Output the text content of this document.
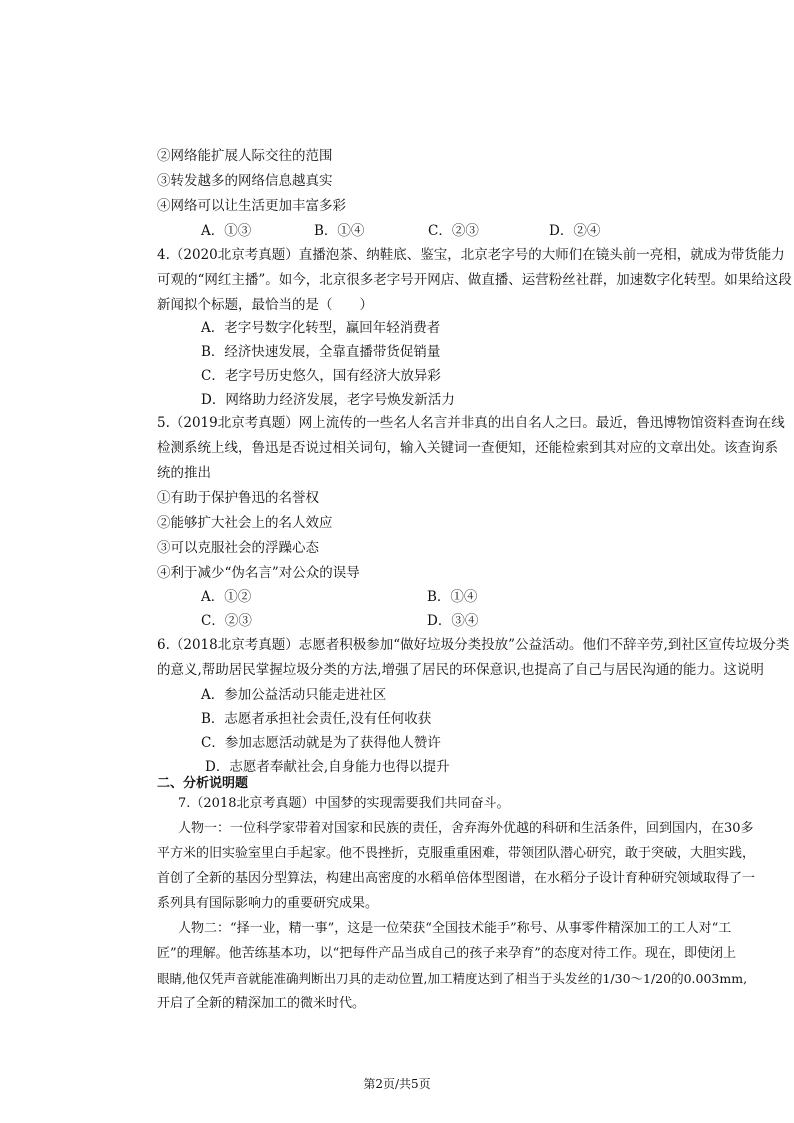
②网络能扩展人际交往的范围
③转发越多的网络信息越真实
④网络可以让生活更加丰富多彩
A．①③	B．①④	C．②③	D．②④
4.（2020北京考真题）直播泡茶、纳鞋底、鉴宝，北京老字号的大师们在镜头前一亮相，就成为带货能力
可观的“网红主播”。如今，北京很多老字号开网店、做直播、运营粉丝社群，加速数字化转型。如果给这段
新闻拟个标题，最恰当的是（　　）
A．老字号数字化转型，赢回年轻消费者
B．经济快速发展，全靠直播带货促销量
C．老字号历史悠久，国有经济大放异彩
D．网络助力经济发展，老字号焕发新活力
5.（2019北京考真题）网上流传的一些名人名言并非真的出自名人之曰。最近，鲁迅博物馆资料查询在线
检测系统上线，鲁迅是否说过相关词句，输入关键词一查便知，还能检索到其对应的文章出处。该查询系
统的推出
①有助于保护鲁迅的名誉权
②能够扩大社会上的名人效应
③可以克服社会的浮躁心态
④利于减少“伪名言”对公众的误导
A．①②	B．①④
C．②③	D．③④
6.（2018北京考真题）志愿者积极参加“做好垃圾分类投放”公益活动。他们不辞辛劳,到社区宣传垃圾分类
的意义,帮助居民掌握垃圾分类的方法,增强了居民的环保意识,也提高了自己与居民沟通的能力。这说明
A．参加公益活动只能走进社区
B．志愿者承担社会责任,没有任何收获
C．参加志愿活动就是为了获得他人赞许
D．志愿者奉献社会,自身能力也得以提升
二、分析说明题
7.（2018北京考真题）中国梦的实现需要我们共同奋斗。
人物一：一位科学家带着对国家和民族的责任，舍弃海外优越的科研和生活条件，回到国内，在30多
平方米的旧实验室里白手起家。他不畏挫折，克服重重困难，带领团队潜心研究，敢于突破，大胆实践，
首创了全新的基因分型算法，构建出高密度的水稻单倍体型图谱，在水稻分子设计育种研究领域取得了一
系列具有国际影响力的重要研究成果。
人物二：“择一业，精一事”，这是一位荣获“全国技术能手”称号、从事零件精深加工的工人对“工
匠”的理解。他苦练基本功，以“把每件产品当成自己的孩子来孕育”的态度对待工作。现在，即使闭上
眼睛,他仅凭声音就能准确判断出刀具的走动位置,加工精度达到了相当于头发丝的1/30～1/20的0.003mm,
开启了全新的精深加工的微米时代。
第2页/共5页
